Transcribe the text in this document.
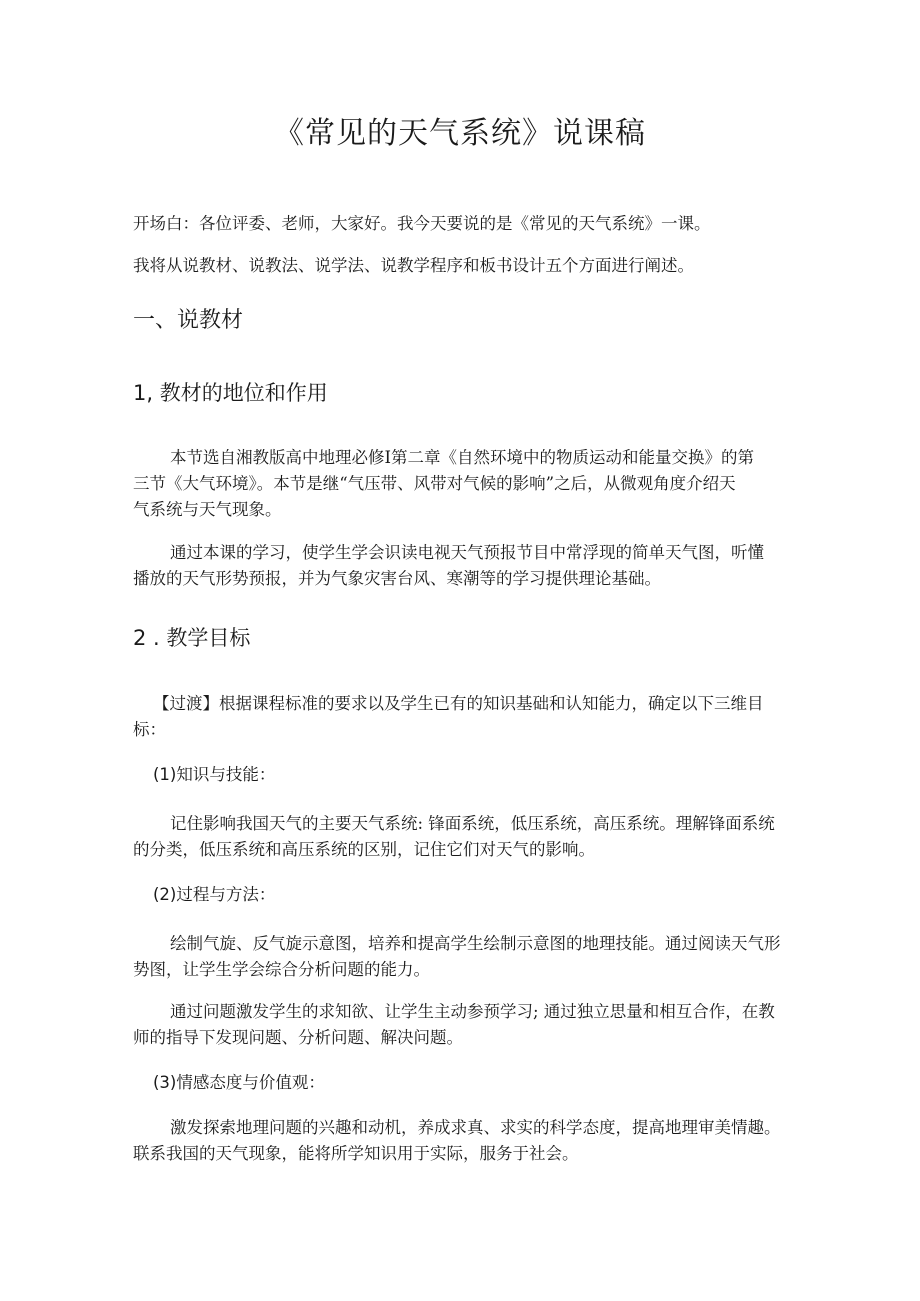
《常见的天气系统》说课稿
开场白：各位评委、老师，大家好。我今天要说的是《常见的天气系统》一课。
我将从说教材、说教法、说学法、说教学程序和板书设计五个方面进行阐述。
一、说教材
1, 教材的地位和作用
本节选自湘教版高中地理必修Ⅰ第二章《自然环境中的物质运动和能量交换》的第
三节《大气环境》。本节是继“气压带、风带对气候的影响”之后，从微观角度介绍天
气系统与天气现象。
通过本课的学习，使学生学会识读电视天气预报节目中常浮现的简单天气图，听懂
播放的天气形势预报，并为气象灾害台风、寒潮等的学习提供理论基础。
2 . 教学目标
【过渡】根据课程标准的要求以及学生已有的知识基础和认知能力，确定以下三维目
标：
(1)知识与技能：
记住影响我国天气的主要天气系统: 锋面系统，低压系统，高压系统。理解锋面系统
的分类，低压系统和高压系统的区别，记住它们对天气的影响。
(2)过程与方法：
绘制气旋、反气旋示意图，培养和提高学生绘制示意图的地理技能。通过阅读天气形
势图，让学生学会综合分析问题的能力。
通过问题激发学生的求知欲、让学生主动参预学习; 通过独立思量和相互合作，在教
师的指导下发现问题、分析问题、解决问题。
(3)情感态度与价值观：
激发探索地理问题的兴趣和动机，养成求真、求实的科学态度，提高地理审美情趣。
联系我国的天气现象，能将所学知识用于实际，服务于社会。
